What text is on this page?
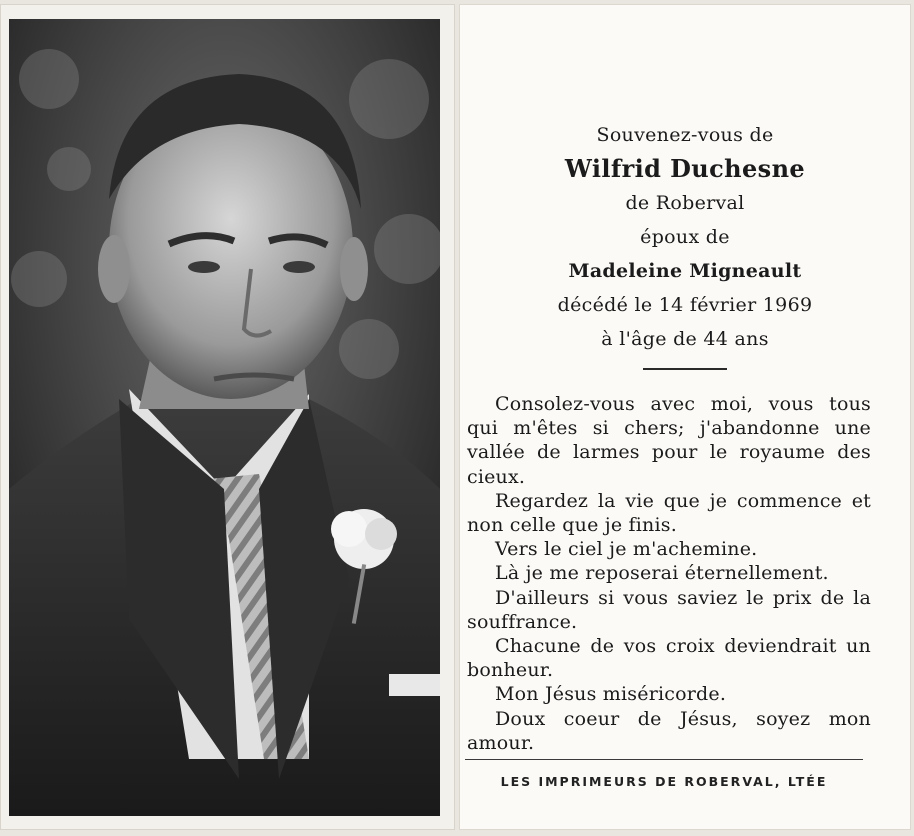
Souvenez-vous de
Wilfrid Duchesne
de Roberval
époux de
Madeleine Migneault
décédé le 14 février 1969
à l'âge de 44 ans

Consolez-vous avec moi, vous tous qui m'êtes si chers; j'abandonne une vallée de larmes pour le royaume des cieux.

Regardez la vie que je commence et non celle que je finis.

Vers le ciel je m'achemine.

Là je me reposerai éternellement.

D'ailleurs si vous saviez le prix de la souffrance.

Chacune de vos croix deviendrait un bonheur.

Mon Jésus miséricorde.

Doux coeur de Jésus, soyez mon amour.

LES IMPRIMEURS DE ROBERVAL, LTÉE
